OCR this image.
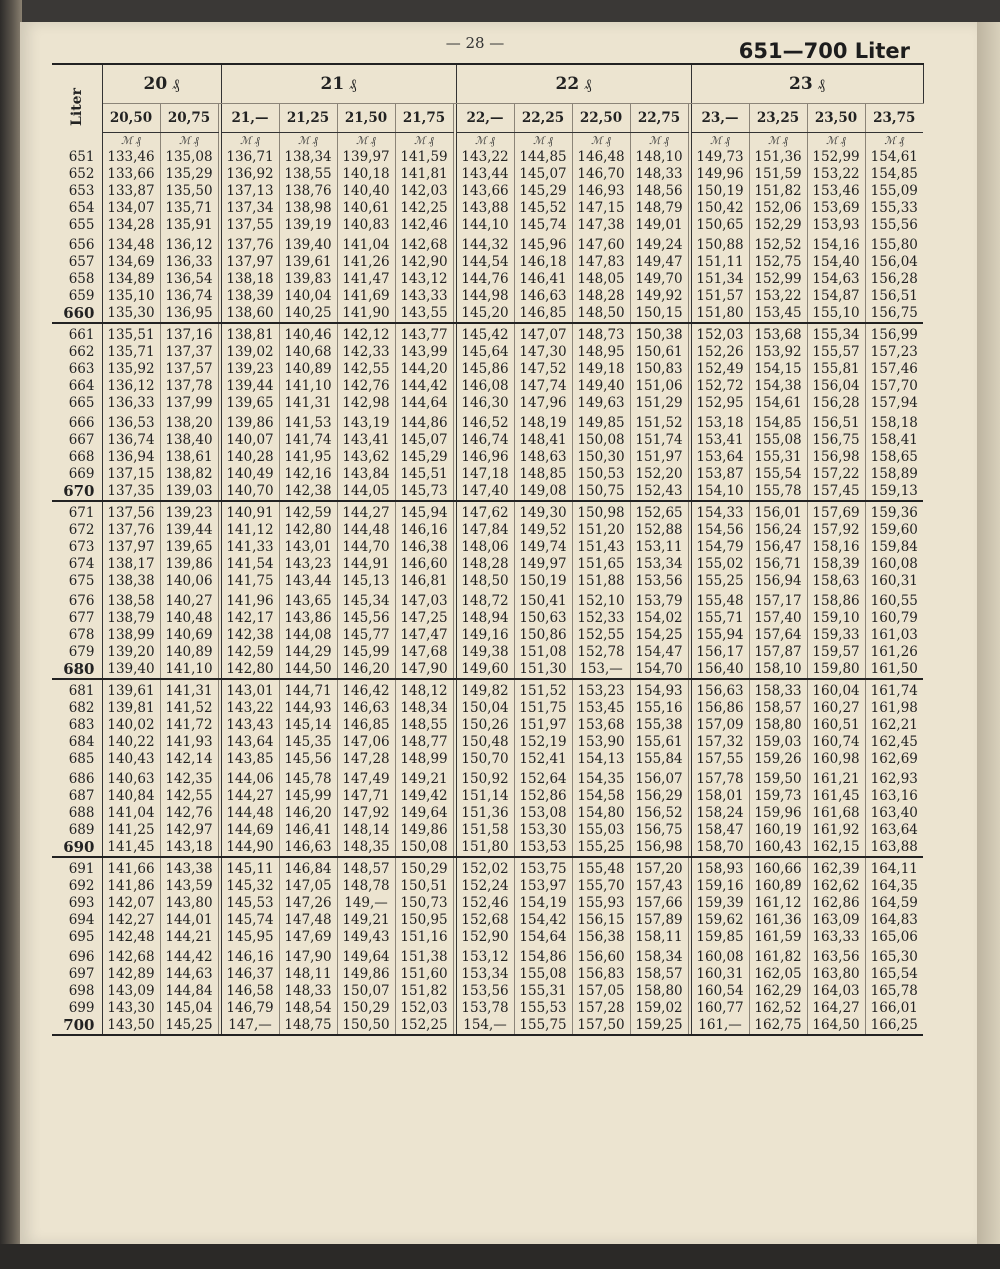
— 28 —	651—700 Liter
Liter	20 ₰			21 ₰					22 ₰					23 ₰			
	20,50	20,75		21,—	21,25	21,50	21,75		22,—	22,25	22,50	22,75		23,—	23,25	23,50	23,75
	ℳ ₰	ℳ ₰		ℳ ₰	ℳ ₰	ℳ ₰	ℳ ₰		ℳ ₰	ℳ ₰	ℳ ₰	ℳ ₰		ℳ ₰	ℳ ₰	ℳ ₰	ℳ ₰
651	133,46	135,08		136,71	138,34	139,97	141,59		143,22	144,85	146,48	148,10		149,73	151,36	152,99	154,61
652	133,66	135,29		136,92	138,55	140,18	141,81		143,44	145,07	146,70	148,33		149,96	151,59	153,22	154,85
653	133,87	135,50		137,13	138,76	140,40	142,03		143,66	145,29	146,93	148,56		150,19	151,82	153,46	155,09
654	134,07	135,71		137,34	138,98	140,61	142,25		143,88	145,52	147,15	148,79		150,42	152,06	153,69	155,33
655	134,28	135,91		137,55	139,19	140,83	142,46		144,10	145,74	147,38	149,01		150,65	152,29	153,93	155,56
656	134,48	136,12		137,76	139,40	141,04	142,68		144,32	145,96	147,60	149,24		150,88	152,52	154,16	155,80
657	134,69	136,33		137,97	139,61	141,26	142,90		144,54	146,18	147,83	149,47		151,11	152,75	154,40	156,04
658	134,89	136,54		138,18	139,83	141,47	143,12		144,76	146,41	148,05	149,70		151,34	152,99	154,63	156,28
659	135,10	136,74		138,39	140,04	141,69	143,33		144,98	146,63	148,28	149,92		151,57	153,22	154,87	156,51
660	135,30	136,95		138,60	140,25	141,90	143,55		145,20	146,85	148,50	150,15		151,80	153,45	155,10	156,75
661	135,51	137,16		138,81	140,46	142,12	143,77		145,42	147,07	148,73	150,38		152,03	153,68	155,34	156,99
662	135,71	137,37		139,02	140,68	142,33	143,99		145,64	147,30	148,95	150,61		152,26	153,92	155,57	157,23
663	135,92	137,57		139,23	140,89	142,55	144,20		145,86	147,52	149,18	150,83		152,49	154,15	155,81	157,46
664	136,12	137,78		139,44	141,10	142,76	144,42		146,08	147,74	149,40	151,06		152,72	154,38	156,04	157,70
665	136,33	137,99		139,65	141,31	142,98	144,64		146,30	147,96	149,63	151,29		152,95	154,61	156,28	157,94
666	136,53	138,20		139,86	141,53	143,19	144,86		146,52	148,19	149,85	151,52		153,18	154,85	156,51	158,18
667	136,74	138,40		140,07	141,74	143,41	145,07		146,74	148,41	150,08	151,74		153,41	155,08	156,75	158,41
668	136,94	138,61		140,28	141,95	143,62	145,29		146,96	148,63	150,30	151,97		153,64	155,31	156,98	158,65
669	137,15	138,82		140,49	142,16	143,84	145,51		147,18	148,85	150,53	152,20		153,87	155,54	157,22	158,89
670	137,35	139,03		140,70	142,38	144,05	145,73		147,40	149,08	150,75	152,43		154,10	155,78	157,45	159,13
671	137,56	139,23		140,91	142,59	144,27	145,94		147,62	149,30	150,98	152,65		154,33	156,01	157,69	159,36
672	137,76	139,44		141,12	142,80	144,48	146,16		147,84	149,52	151,20	152,88		154,56	156,24	157,92	159,60
673	137,97	139,65		141,33	143,01	144,70	146,38		148,06	149,74	151,43	153,11		154,79	156,47	158,16	159,84
674	138,17	139,86		141,54	143,23	144,91	146,60		148,28	149,97	151,65	153,34		155,02	156,71	158,39	160,08
675	138,38	140,06		141,75	143,44	145,13	146,81		148,50	150,19	151,88	153,56		155,25	156,94	158,63	160,31
676	138,58	140,27		141,96	143,65	145,34	147,03		148,72	150,41	152,10	153,79		155,48	157,17	158,86	160,55
677	138,79	140,48		142,17	143,86	145,56	147,25		148,94	150,63	152,33	154,02		155,71	157,40	159,10	160,79
678	138,99	140,69		142,38	144,08	145,77	147,47		149,16	150,86	152,55	154,25		155,94	157,64	159,33	161,03
679	139,20	140,89		142,59	144,29	145,99	147,68		149,38	151,08	152,78	154,47		156,17	157,87	159,57	161,26
680	139,40	141,10		142,80	144,50	146,20	147,90		149,60	151,30	153,—	154,70		156,40	158,10	159,80	161,50
681	139,61	141,31		143,01	144,71	146,42	148,12		149,82	151,52	153,23	154,93		156,63	158,33	160,04	161,74
682	139,81	141,52		143,22	144,93	146,63	148,34		150,04	151,75	153,45	155,16		156,86	158,57	160,27	161,98
683	140,02	141,72		143,43	145,14	146,85	148,55		150,26	151,97	153,68	155,38		157,09	158,80	160,51	162,21
684	140,22	141,93		143,64	145,35	147,06	148,77		150,48	152,19	153,90	155,61		157,32	159,03	160,74	162,45
685	140,43	142,14		143,85	145,56	147,28	148,99		150,70	152,41	154,13	155,84		157,55	159,26	160,98	162,69
686	140,63	142,35		144,06	145,78	147,49	149,21		150,92	152,64	154,35	156,07		157,78	159,50	161,21	162,93
687	140,84	142,55		144,27	145,99	147,71	149,42		151,14	152,86	154,58	156,29		158,01	159,73	161,45	163,16
688	141,04	142,76		144,48	146,20	147,92	149,64		151,36	153,08	154,80	156,52		158,24	159,96	161,68	163,40
689	141,25	142,97		144,69	146,41	148,14	149,86		151,58	153,30	155,03	156,75		158,47	160,19	161,92	163,64
690	141,45	143,18		144,90	146,63	148,35	150,08		151,80	153,53	155,25	156,98		158,70	160,43	162,15	163,88
691	141,66	143,38		145,11	146,84	148,57	150,29		152,02	153,75	155,48	157,20		158,93	160,66	162,39	164,11
692	141,86	143,59		145,32	147,05	148,78	150,51		152,24	153,97	155,70	157,43		159,16	160,89	162,62	164,35
693	142,07	143,80		145,53	147,26	149,—	150,73		152,46	154,19	155,93	157,66		159,39	161,12	162,86	164,59
694	142,27	144,01		145,74	147,48	149,21	150,95		152,68	154,42	156,15	157,89		159,62	161,36	163,09	164,83
695	142,48	144,21		145,95	147,69	149,43	151,16		152,90	154,64	156,38	158,11		159,85	161,59	163,33	165,06
696	142,68	144,42		146,16	147,90	149,64	151,38		153,12	154,86	156,60	158,34		160,08	161,82	163,56	165,30
697	142,89	144,63		146,37	148,11	149,86	151,60		153,34	155,08	156,83	158,57		160,31	162,05	163,80	165,54
698	143,09	144,84		146,58	148,33	150,07	151,82		153,56	155,31	157,05	158,80		160,54	162,29	164,03	165,78
699	143,30	145,04		146,79	148,54	150,29	152,03		153,78	155,53	157,28	159,02		160,77	162,52	164,27	166,01
700	143,50	145,25		147,—	148,75	150,50	152,25		154,—	155,75	157,50	159,25		161,—	162,75	164,50	166,25
